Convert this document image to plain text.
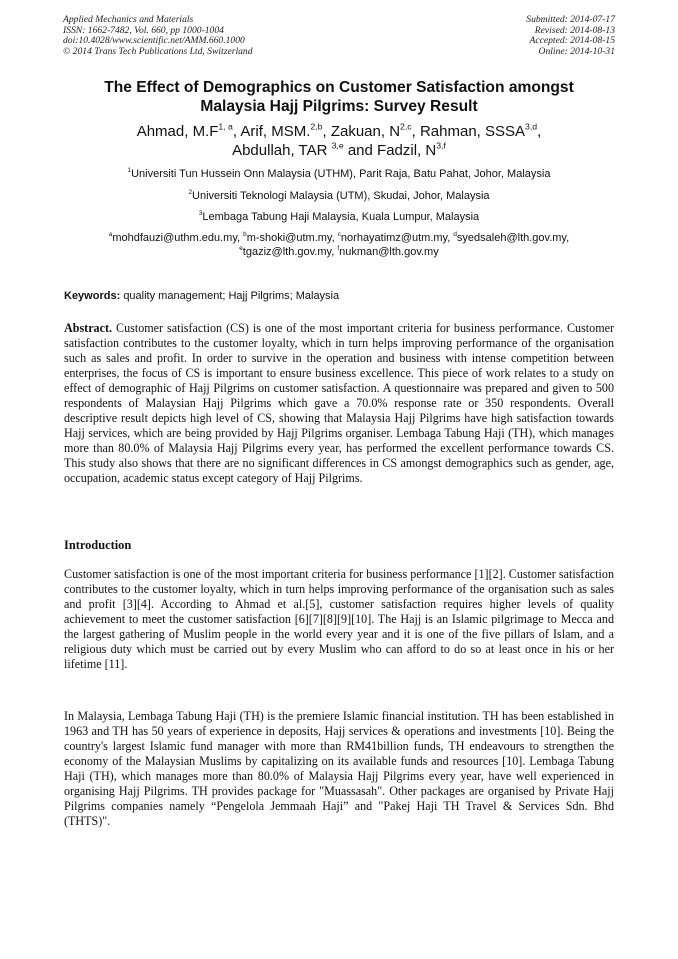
Applied Mechanics and Materials
ISSN: 1662-7482, Vol. 660, pp 1000-1004
doi:10.4028/www.scientific.net/AMM.660.1000
© 2014 Trans Tech Publications Ltd, Switzerland
Submitted: 2014-07-17
Revised: 2014-08-13
Accepted: 2014-08-15
Online: 2014-10-31
The Effect of Demographics on Customer Satisfaction amongst
Malaysia Hajj Pilgrims: Survey Result
Ahmad, $M.F^{1, a}$, Arif, MSM.$^{2,b}$, Zakuan, N$^{2,c}$, Rahman, SSSA$^{3,d}$,
Abdullah, TAR $^{3,e}$ and Fadzil, N$^{3,f}$
$^1$Universiti Tun Hussein Onn Malaysia (UTHM), Parit Raja, Batu Pahat, Johor, Malaysia
$^2$Universiti Teknologi Malaysia (UTM), Skudai, Johor, Malaysia
$^3$Lembaga Tabung Haji Malaysia, Kuala Lumpur, Malaysia
$^a$mohdfauzi@uthm.edu.my, $^b$m-shoki@utm.my, $^c$norhayatimz@utm.my, $^d$syedsaleh@lth.gov.my,
$^e$tgaziz@lth.gov.my, $^f$nukman@lth.gov.my
Keywords: quality management; Hajj Pilgrims; Malaysia
Abstract. Customer satisfaction (CS) is one of the most important criteria for business performance. Customer satisfaction contributes to the customer loyalty, which in turn helps improving performance of the organisation such as sales and profit. In order to survive in the operation and business with intense competition between enterprises, the focus of CS is important to ensure business excellence. This piece of work relates to a study on effect of demographic of Hajj Pilgrims on customer satisfaction. A questionnaire was prepared and given to 500 respondents of Malaysian Hajj Pilgrims which gave a 70.0% response rate or 350 respondents. Overall descriptive result depicts high level of CS, showing that Malaysia Hajj Pilgrims have high satisfaction towards Hajj services, which are being provided by Hajj Pilgrims organiser. Lembaga Tabung Haji (TH), which manages more than 80.0% of Malaysia Hajj Pilgrims every year, has performed the excellent performance towards CS. This study also shows that there are no significant differences in CS amongst demographics such as gender, age, occupation, academic status except category of Hajj Pilgrims.
Introduction
Customer satisfaction is one of the most important criteria for business performance [1][2]. Customer satisfaction contributes to the customer loyalty, which in turn helps improving performance of the organisation such as sales and profit [3][4]. According to Ahmad et al.[5], customer satisfaction requires higher levels of quality achievement to meet the customer satisfaction [6][7][8][9][10]. The Hajj is an Islamic pilgrimage to Mecca and the largest gathering of Muslim people in the world every year and it is one of the five pillars of Islam, and a religious duty which must be carried out by every Muslim who can afford to do so at least once in his or her lifetime [11].
In Malaysia, Lembaga Tabung Haji (TH) is the premiere Islamic financial institution. TH has been established in 1963 and TH has 50 years of experience in deposits, Hajj services & operations and investments [10]. Being the country's largest Islamic fund manager with more than RM41billion funds, TH endeavours to strengthen the economy of the Malaysian Muslims by capitalizing on its available funds and resources [10]. Lembaga Tabung Haji (TH), which manages more than 80.0% of Malaysia Hajj Pilgrims every year, have well experienced in organising Hajj Pilgrims. TH provides package for "Muassasah". Other packages are organised by Private Hajj Pilgrims companies namely “Pengelola Jemmaah Haji” and "Pakej Haji TH Travel & Services Sdn. Bhd (THTS)".
